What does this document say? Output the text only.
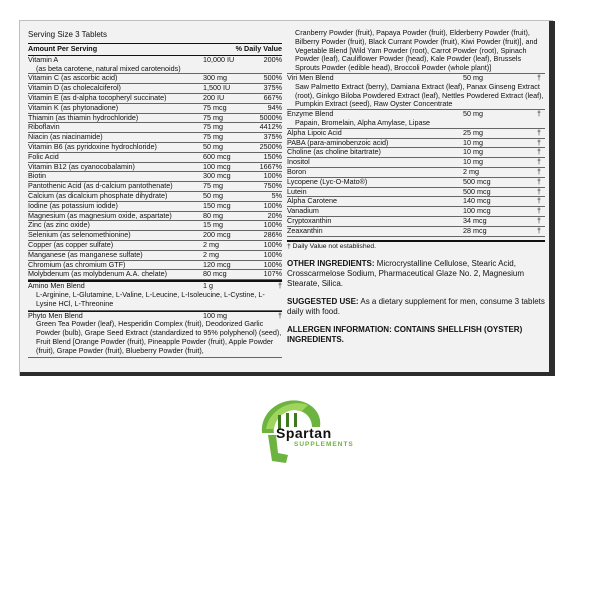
Serving Size 3 Tablets
Amount Per Serving	% Daily Value
Vitamin A	10,000 IU	200%
(as beta carotene, natural mixed carotenoids)
Vitamin C (as ascorbic acid)	300 mg	500%
Vitamin D (as cholecalciferol)	1,500 IU	375%
Vitamin E (as d-alpha tocopheryl succinate)	200 IU	667%
Vitamin K (as phytonadione)	75 mcg	94%
Thiamin (as thiamin hydrochloride)	75 mg	5000%
Riboflavin	75 mg	4412%
Niacin (as niacinamide)	75 mg	375%
Vitamin B6 (as pyridoxine hydrochloride)	50 mg	2500%
Folic Acid	600 mcg	150%
Vitamin B12 (as cyanocobalamin)	100 mcg	1667%
Biotin	300 mcg	100%
Pantothenic Acid (as d-calcium pantothenate)	75 mg	750%
Calcium (as dicalcium phosphate dihydrate)	50 mg	5%
Iodine (as potassium iodide)	150 mcg	100%
Magnesium (as magnesium oxide, aspartate)	80 mg	20%
Zinc (as zinc oxide)	15 mg	100%
Selenium (as selenomethionine)	200 mcg	286%
Copper (as copper sulfate)	2 mg	100%
Manganese (as manganese sulfate)	2 mg	100%
Chromium (as chromium GTF)	120 mcg	100%
Molybdenum (as molybdenum A.A. chelate)	80 mcg	107%
Amino Men Blend	1 g	†
L-Arginine, L-Glutamine, L-Valine, L-Leucine, L-Isoleucine, L-Cystine, L-Lysine HCl, L-Threonine
Phyto Men Blend	100 mg	†
Green Tea Powder (leaf), Hesperidin Complex (fruit), Deodorized Garlic Powder (bulb), Grape Seed Extract (standardized to 95% polyphenol) (seed), Fruit Blend [Orange Powder (fruit), Pineapple Powder (fruit), Apple Powder (fruit), Grape Powder (fruit), Blueberry Powder (fruit),
Cranberry Powder (fruit), Papaya Powder (fruit), Elderberry Powder (fruit), Bilberry Powder (fruit), Black Currant Powder (fruit), Kiwi Powder (fruit)], and Vegetable Blend [Wild Yam Powder (root), Carrot Powder (root), Spinach Powder (leaf), Cauliflower Powder (head), Kale Powder (leaf), Brussels Sprouts Powder (edible head), Broccoli Powder (whole plant)]
Viri Men Blend	50 mg	†
Saw Palmetto Extract (berry), Damiana Extract (leaf), Panax Ginseng Extract (root), Ginkgo Biloba Powdered Extract (leaf), Nettles Powdered Extract (leaf), Pumpkin Extract (seed), Raw Oyster Concentrate
Enzyme Blend	50 mg	†
Papain, Bromelain, Alpha Amylase, Lipase
Alpha Lipoic Acid	25 mg	†
PABA (para-aminobenzoic acid)	10 mg	†
Choline (as choline bitartrate)	10 mg	†
Inositol	10 mg	†
Boron	2 mg	†
Lycopene (Lyc-O-Mato®)	500 mcg	†
Lutein	500 mcg	†
Alpha Carotene	140 mcg	†
Vanadium	100 mcg	†
Cryptoxanthin	34 mcg	†
Zeaxanthin	28 mcg	†
† Daily Value not established.
OTHER INGREDIENTS: Microcrystalline Cellulose, Stearic Acid, Crosscarmelose Sodium, Pharmaceutical Glaze No. 2, Magnesium Stearate, Silica.
SUGGESTED USE: As a dietary supplement for men, consume 3 tablets daily with food.
ALLERGEN INFORMATION: CONTAINS SHELLFISH (OYSTER) INGREDIENTS.
Spartan
SUPPLEMENTS
